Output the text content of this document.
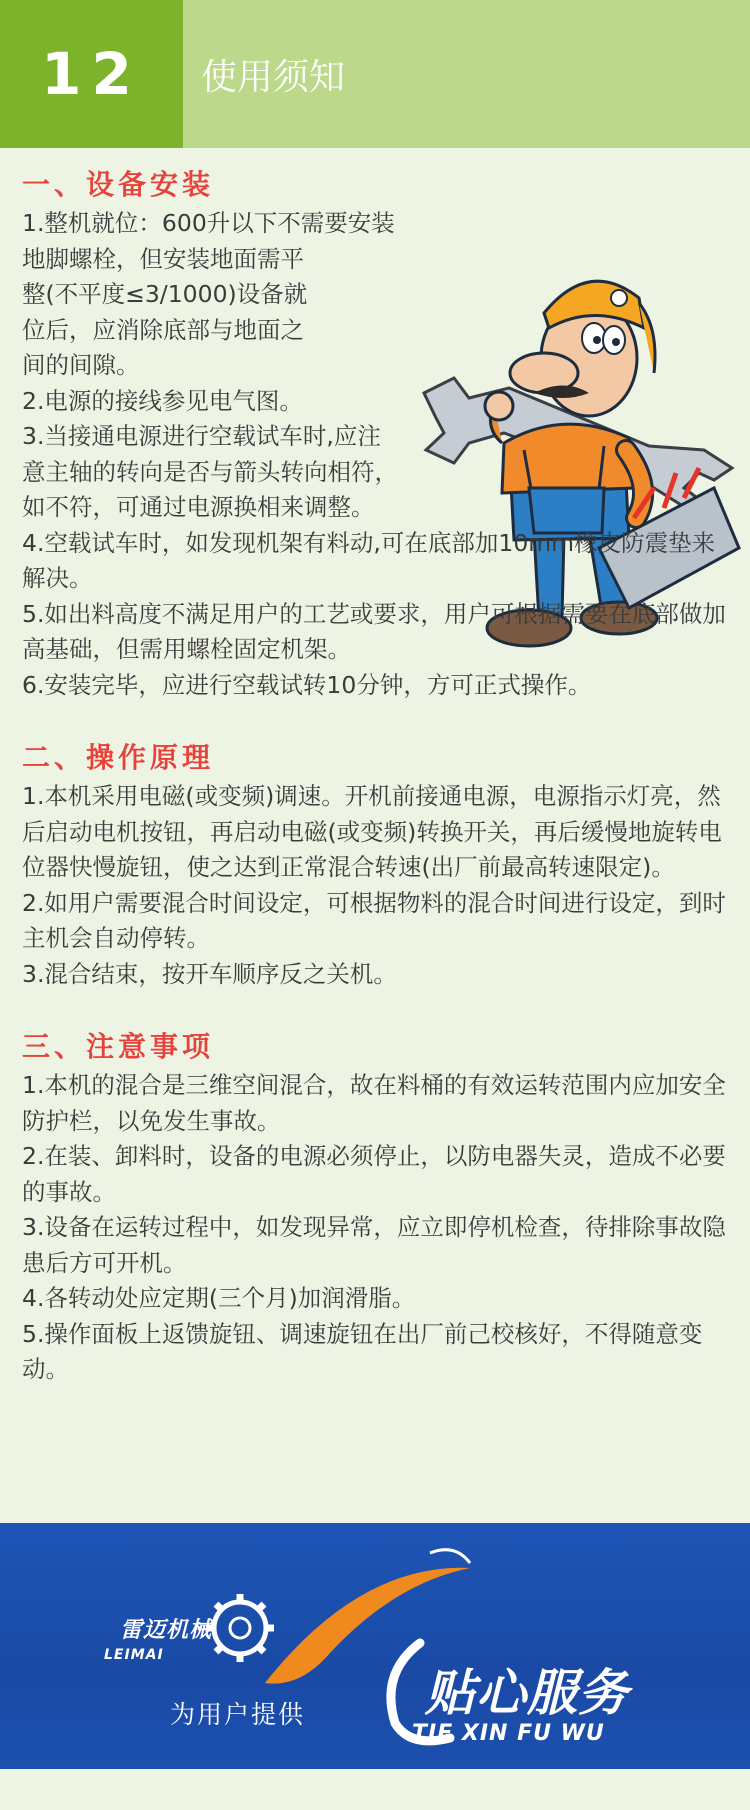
12	使用须知
一、设备安装

1.整机就位：600升以下不需要安装

地脚螺栓，但安装地面需平

整(不平度≤3/1000)设备就

位后，应消除底部与地面之

间的间隙。

2.电源的接线参见电气图。

3.当接通电源进行空载试车时,应注

意主轴的转向是否与箭头转向相符，

如不符，可通过电源换相来调整。

4.空载试车时，如发现机架有料动,可在底部加10mm橡皮防震垫来解决。

5.如出料高度不满足用户的工艺或要求，用户可根据需要在底部做加高基础，但需用螺栓固定机架。

6.安装完毕，应进行空载试转10分钟，方可正式操作。

二、操作原理

1.本机采用电磁(或变频)调速。开机前接通电源，电源指示灯亮，然后启动电机按钮，再启动电磁(或变频)转换开关，再后缓慢地旋转电位器快慢旋钮，使之达到正常混合转速(出厂前最高转速限定)。

2.如用户需要混合时间设定，可根据物料的混合时间进行设定，到时主机会自动停转。

3.混合结束，按开车顺序反之关机。

三、注意事项

1.本机的混合是三维空间混合，故在料桶的有效运转范围内应加安全防护栏，以免发生事故。

2.在装、卸料时，设备的电源必须停止，以防电器失灵，造成不必要的事故。

3.设备在运转过程中，如发现异常，应立即停机检查，待排除事故隐患后方可开机。

4.各转动处应定期(三个月)加润滑脂。

5.操作面板上返馈旋钮、调速旋钮在出厂前己校核好，不得随意变动。

雷迈机械
LEIMAI
为用户提供 贴心服务
TIE XIN FU WU
